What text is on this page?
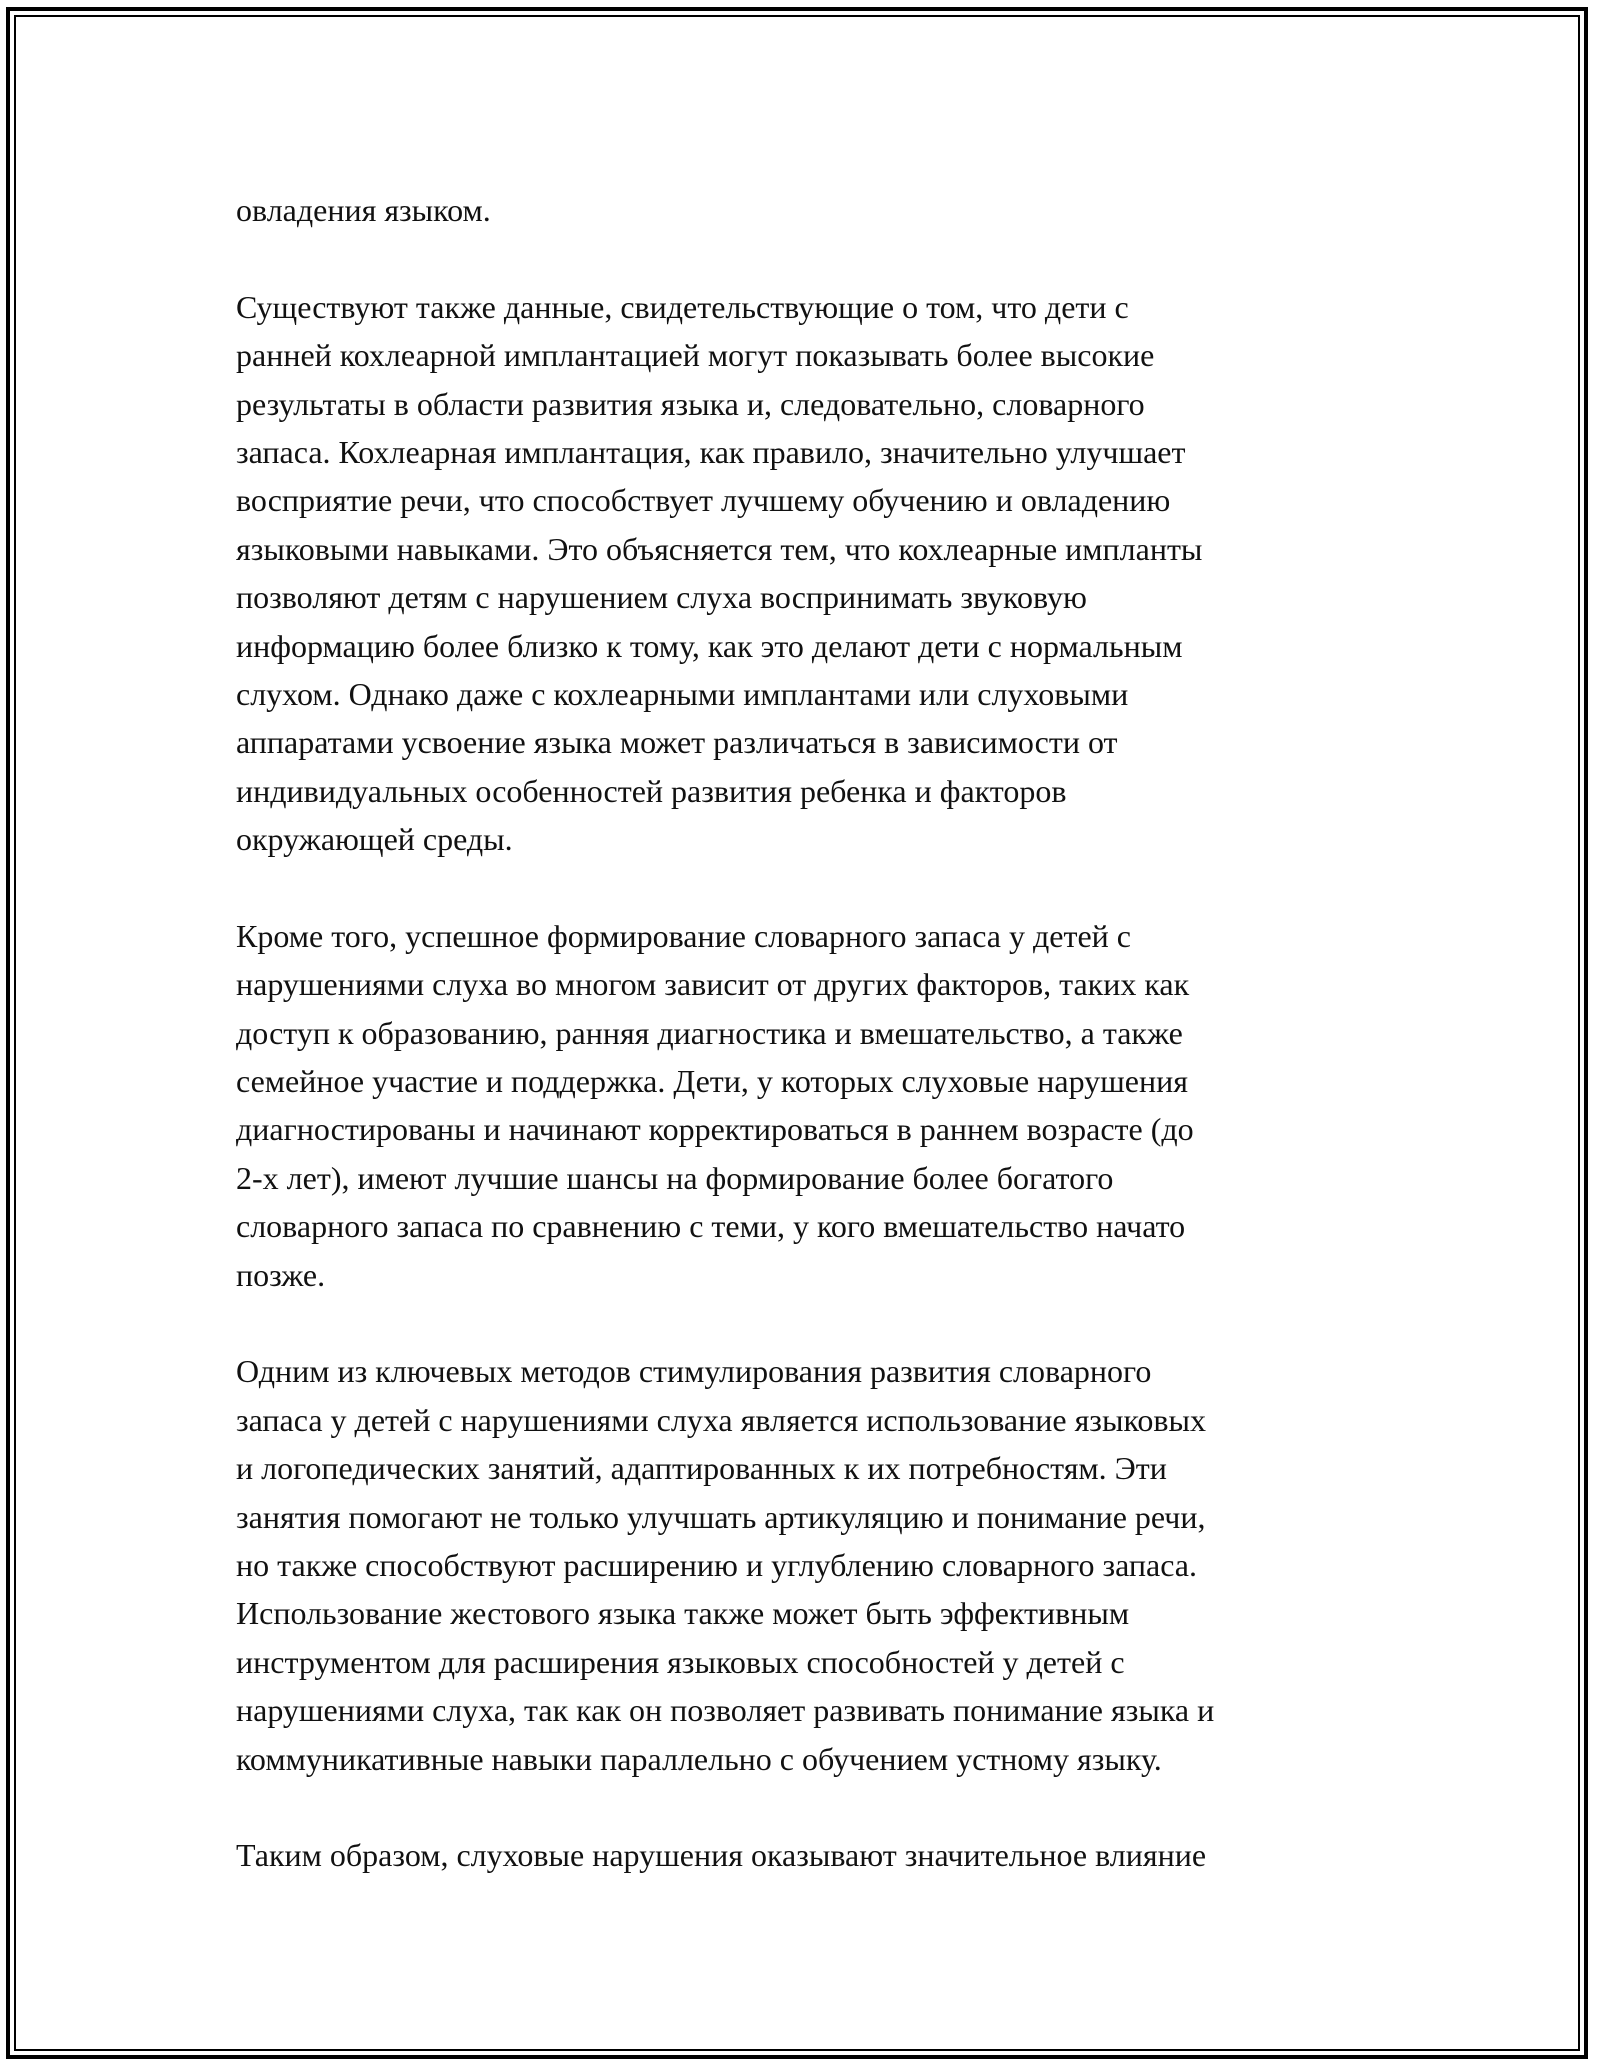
овладения языком.
Существуют также данные, свидетельствующие о том, что дети с
ранней кохлеарной имплантацией могут показывать более высокие
результаты в области развития языка и, следовательно, словарного
запаса. Кохлеарная имплантация, как правило, значительно улучшает
восприятие речи, что способствует лучшему обучению и овладению
языковыми навыками. Это объясняется тем, что кохлеарные импланты
позволяют детям с нарушением слуха воспринимать звуковую
информацию более близко к тому, как это делают дети с нормальным
слухом. Однако даже с кохлеарными имплантами или слуховыми
аппаратами усвоение языка может различаться в зависимости от
индивидуальных особенностей развития ребенка и факторов
окружающей среды.
Кроме того, успешное формирование словарного запаса у детей с
нарушениями слуха во многом зависит от других факторов, таких как
доступ к образованию, ранняя диагностика и вмешательство, а также
семейное участие и поддержка. Дети, у которых слуховые нарушения
диагностированы и начинают корректироваться в раннем возрасте (до
2-х лет), имеют лучшие шансы на формирование более богатого
словарного запаса по сравнению с теми, у кого вмешательство начато
позже.
Одним из ключевых методов стимулирования развития словарного
запаса у детей с нарушениями слуха является использование языковых
и логопедических занятий, адаптированных к их потребностям. Эти
занятия помогают не только улучшать артикуляцию и понимание речи,
но также способствуют расширению и углублению словарного запаса.
Использование жестового языка также может быть эффективным
инструментом для расширения языковых способностей у детей с
нарушениями слуха, так как он позволяет развивать понимание языка и
коммуникативные навыки параллельно с обучением устному языку.
Таким образом, слуховые нарушения оказывают значительное влияние
